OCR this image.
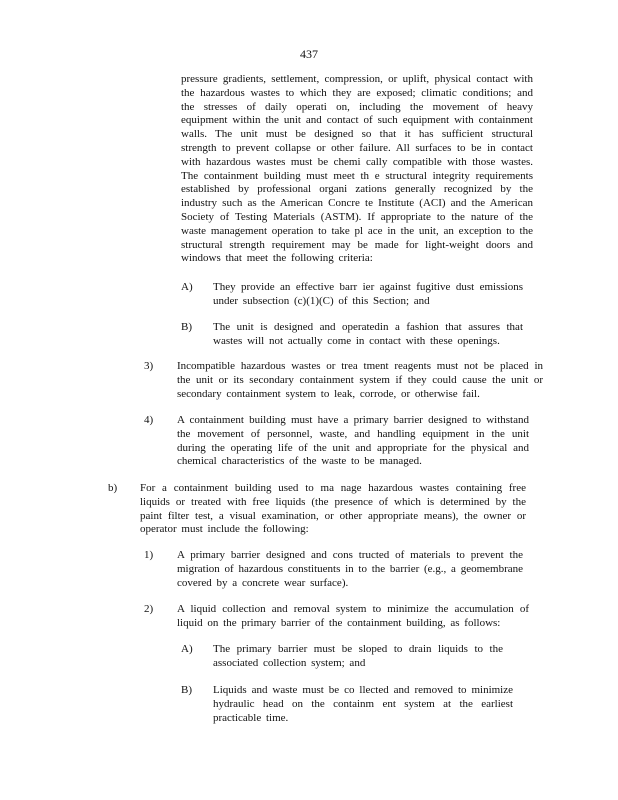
437
pressure gradients, settlement, compression, or uplift, physical contact with the hazardous wastes to which they are exposed; climatic conditions; and the stresses of daily operati on, including the movement of heavy equipment within the unit and contact of such equipment with containment walls. The unit must be designed so that it has sufficient structural strength to prevent collapse or other failure. All surfaces to be in contact with hazardous wastes must be chemi cally compatible with those wastes. The containment building must meet th e structural integrity requirements established by professional organi zations generally recognized by the industry such as the American Concre te Institute (ACI) and the American Society of Testing Materials (ASTM). If appropriate to the nature of the waste management operation to take pl ace in the unit, an exception to the structural strength requirement may be made for light-weight doors and windows that meet the following criteria:
A) They provide an effective barr ier against fugitive dust emissions under subsection (c)(1)(C) of this Section; and
B) The unit is designed and operatedin a fashion that assures that wastes will not actually come in contact with these openings.
3) Incompatible hazardous wastes or trea tment reagents must not be placed in the unit or its secondary containment system if they could cause the unit or secondary containment system to leak, corrode, or otherwise fail.
4) A containment building must have a primary barrier designed to withstand the movement of personnel, waste, and handling equipment in the unit during the operating life of the unit and appropriate for the physical and chemical characteristics of the waste to be managed.
b) For a containment building used to ma nage hazardous wastes containing free liquids or treated with free liquids (the presence of which is determined by the paint filter test, a visual examination, or other appropriate means), the owner or operator must include the following:
1) A primary barrier designed and cons tructed of materials to prevent the migration of hazardous constituents in to the barrier (e.g., a geomembrane covered by a concrete wear surface).
2) A liquid collection and removal system to minimize the accumulation of liquid on the primary barrier of the containment building, as follows:
A) The primary barrier must be sloped to drain liquids to the associated collection system; and
B) Liquids and waste must be co llected and removed to minimize hydraulic head on the containm ent system at the earliest practicable time.
